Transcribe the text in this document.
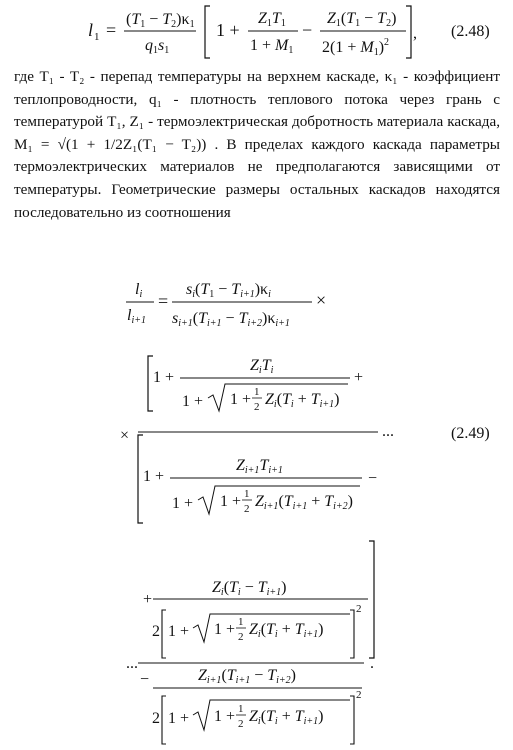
l 1 =
(T1 − T2)κ1
q1s1
1 +
Z1T1
1 + M1
−
Z1(T1 − T2)
$2(1 + M1)^2$
, (2.48)
где T₁ - T₂ - перепад температуры на верхнем каскаде, κ₁ - коэффициент теплопроводности, q₁ - плотность теплового потока через грань с температурой T₁, Z₁ - термоэлектрическая добротность материала каскада, M₁ = √(1 + 1/2Z₁(T₁ − T₂)) . В пределах каждого каскада параметры термоэлектрических материалов не предполагаются зависящими от температуры. Геометрические размеры остальных каскадов находятся последовательно из соотношения
li
li+1
=
si(T1 − Ti+1)κi
si+1(Ti+1 − Ti+2)κi+1
×
1 +
ZiTi
1 + 1 + 1
2 Zi(Ti + Ti+1)
+
×	...	(2.49)
1 +
Zi+1Ti+1
1 + 1 + 1
2 Zi+1(Ti+1 + Ti+2)
−
+
Zi(Ti − Ti+1)
2 1 + 1 + 1
2 Zi(Ti + Ti+1)
2
...	.
−	Zi+1(Ti+1 − Ti+2)
2 1 + 1 + 1
2 Zi(Ti + Ti+1)
2
